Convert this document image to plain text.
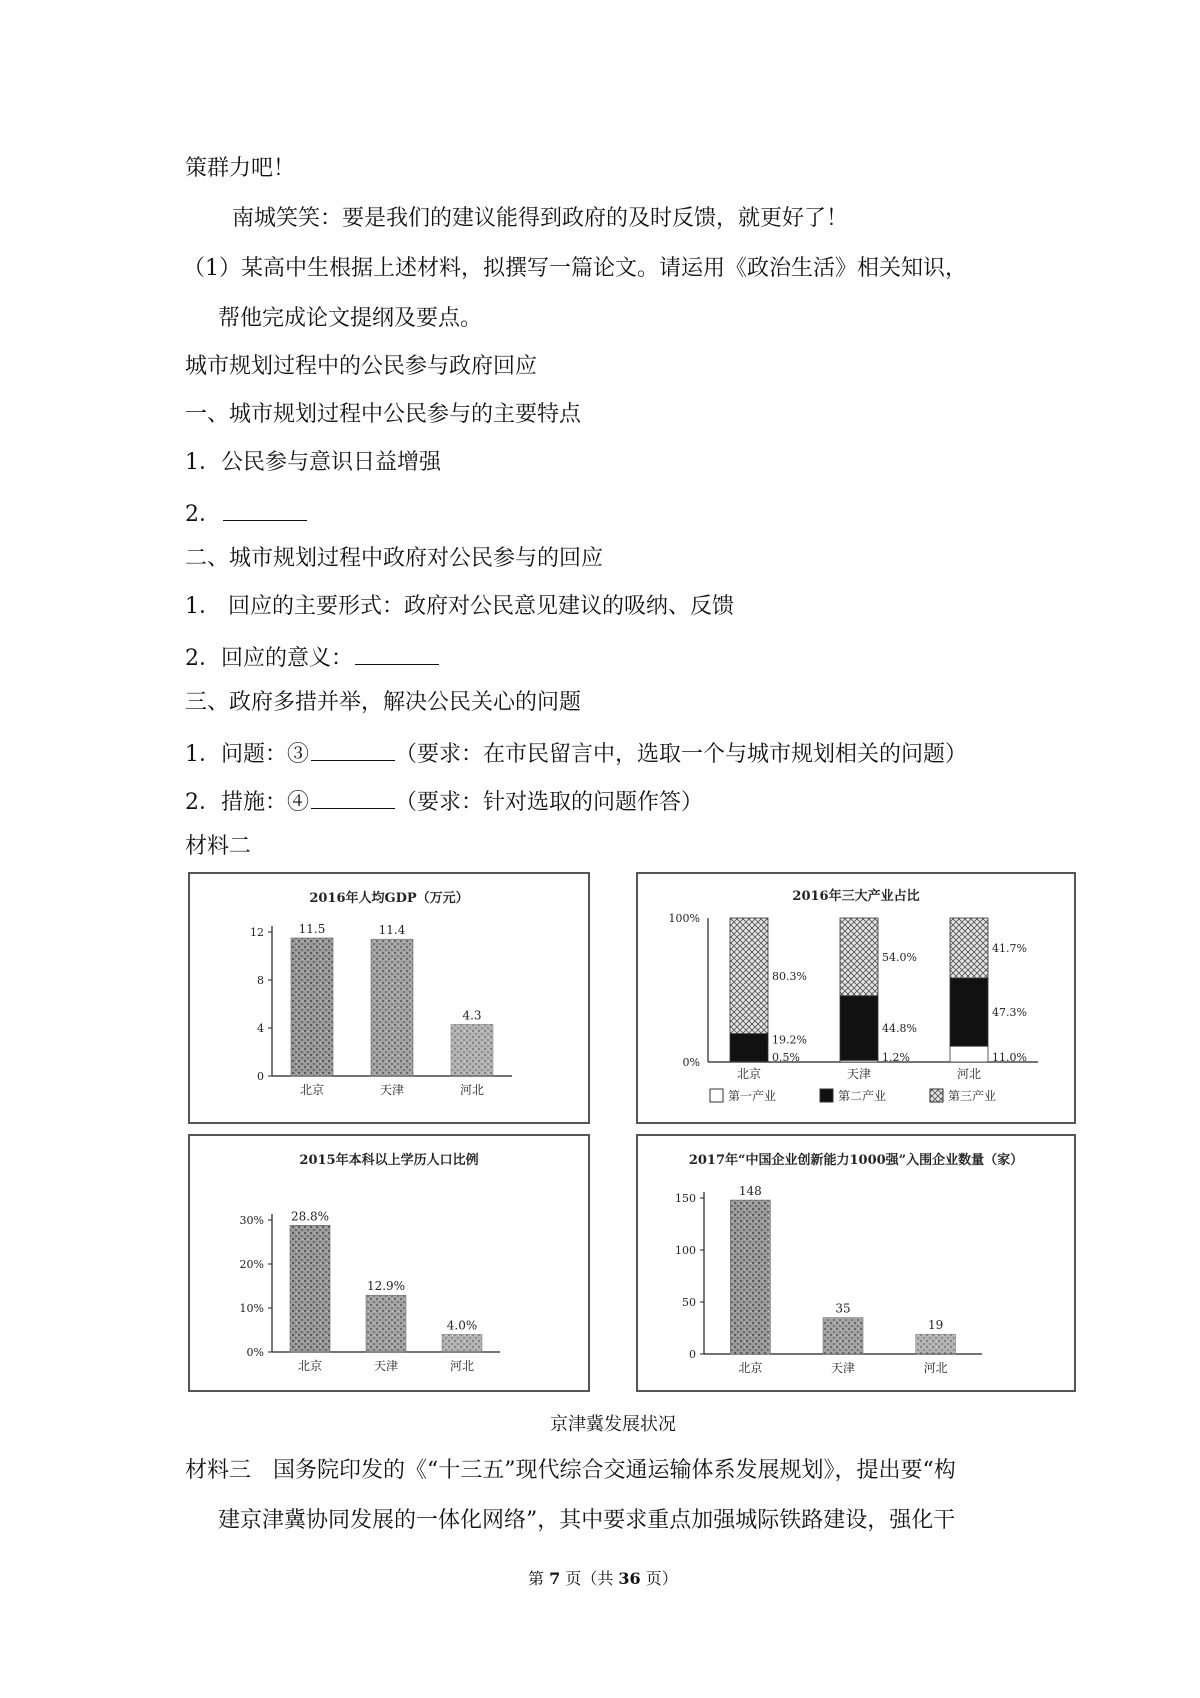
策群力吧！
南城笑笑：要是我们的建议能得到政府的及时反馈，就更好了！
（1）某高中生根据上述材料，拟撰写一篇论文。请运用《政治生活》相关知识，
帮他完成论文提纲及要点。
城市规划过程中的公民参与政府回应
一、城市规划过程中公民参与的主要特点
1．公民参与意识日益增强
2．
二、城市规划过程中政府对公民参与的回应
1． 回应的主要形式：政府对公民意见建议的吸纳、反馈
2．回应的意义：
三、政府多措并举，解决公民关心的问题
1．问题：③	（要求：在市民留言中，选取一个与城市规划相关的问题）
2．措施：④	（要求：针对选取的问题作答）
材料二
2016年人均GDP（万元）
0
4
8
12	11.5
北京
11.4
天津
4.3
河北
2016年三大产业占比
100%
0%	0.5%
19.2%
80.3%
北京
1.2%
44.8%
54.0%
天津
11.0%
47.3%
41.7%
河北
第一产业	第二产业	第三产业
2015年本科以上学历人口比例
0%
10%
20%
30% 28.8%
北京
12.9%
天津
4.0%
河北
2017年“中国企业创新能力1000强”入围企业数量（家）
0
50
100
150
148
北京
35
天津
19
河北
京津冀发展状况
材料三　国务院印发的《“十三五”现代综合交通运输体系发展规划》，提出要“构
建京津冀协同发展的一体化网络”，其中要求重点加强城际铁路建设，强化干
第 7 页（共 36 页）
